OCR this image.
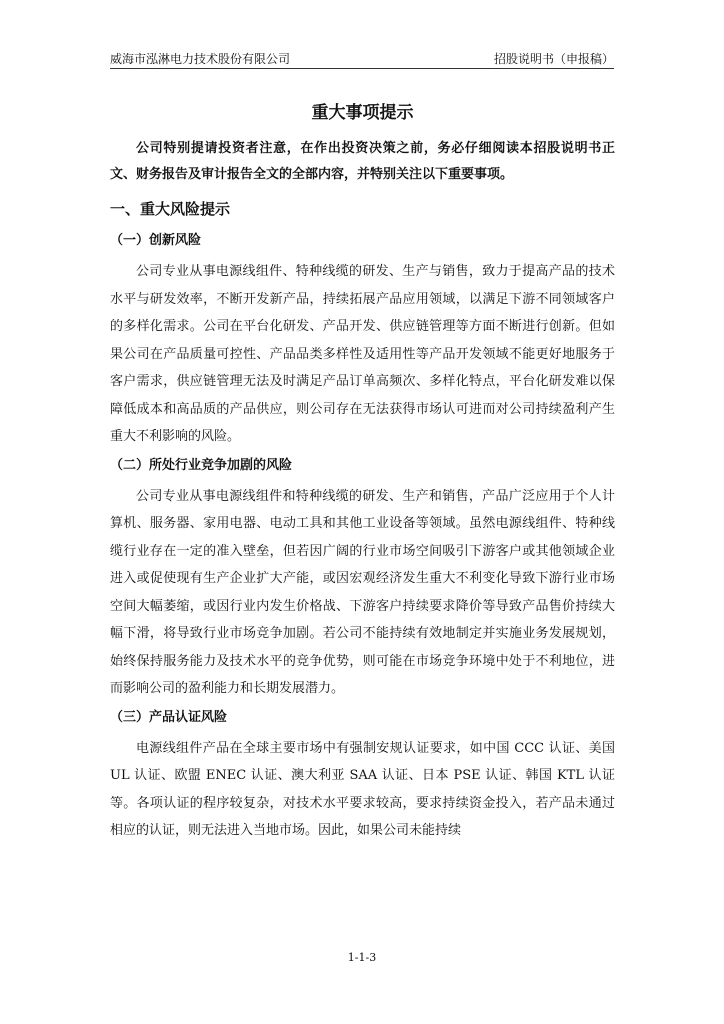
威海市泓淋电力技术股份有限公司	招股说明书（申报稿）
重大事项提示
公司特别提请投资者注意，在作出投资决策之前，务必仔细阅读本招股说明书正文、财务报告及审计报告全文的全部内容，并特别关注以下重要事项。
一、重大风险提示
（一）创新风险

公司专业从事电源线组件、特种线缆的研发、生产与销售，致力于提高产品的技术水平与研发效率，不断开发新产品，持续拓展产品应用领域，以满足下游不同领域客户的多样化需求。公司在平台化研发、产品开发、供应链管理等方面不断进行创新。但如果公司在产品质量可控性、产品品类多样性及适用性等产品开发领域不能更好地服务于客户需求，供应链管理无法及时满足产品订单高频次、多样化特点，平台化研发难以保障低成本和高品质的产品供应，则公司存在无法获得市场认可进而对公司持续盈利产生重大不利影响的风险。

（二）所处行业竞争加剧的风险

公司专业从事电源线组件和特种线缆的研发、生产和销售，产品广泛应用于个人计算机、服务器、家用电器、电动工具和其他工业设备等领域。虽然电源线组件、特种线缆行业存在一定的准入壁垒，但若因广阔的行业市场空间吸引下游客户或其他领域企业进入或促使现有生产企业扩大产能，或因宏观经济发生重大不利变化导致下游行业市场空间大幅萎缩，或因行业内发生价格战、下游客户持续要求降价等导致产品售价持续大幅下滑，将导致行业市场竞争加剧。若公司不能持续有效地制定并实施业务发展规划，始终保持服务能力及技术水平的竞争优势，则可能在市场竞争环境中处于不利地位，进而影响公司的盈利能力和长期发展潜力。

（三）产品认证风险

电源线组件产品在全球主要市场中有强制安规认证要求，如中国 CCC 认证、美国 UL 认证、欧盟 ENEC 认证、澳大利亚 SAA 认证、日本 PSE 认证、韩国 KTL 认证等。各项认证的程序较复杂，对技术水平要求较高，要求持续资金投入，若产品未通过相应的认证，则无法进入当地市场。因此，如果公司未能持续

1-1-3
